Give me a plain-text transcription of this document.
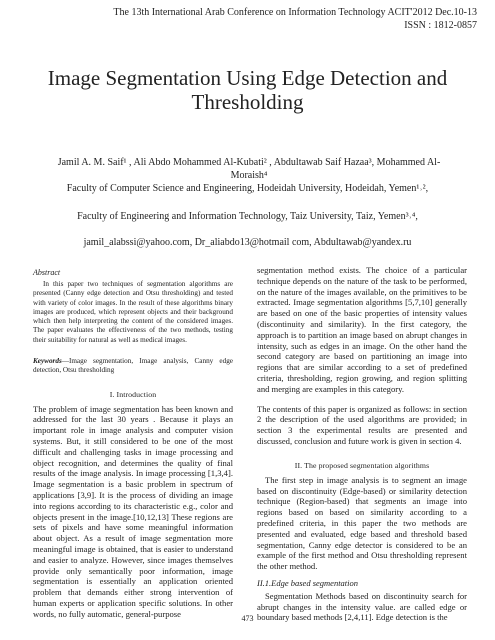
The 13th International Arab Conference on Information Technology ACIT'2012 Dec.10-13
ISSN : 1812-0857
Image Segmentation Using Edge Detection and
Thresholding
Jamil A. M. Saif¹ , Ali Abdo Mohammed Al-Kubati² , Abdultawab Saif Hazaa³, Mohammed Al-Moraish⁴
Faculty of Computer Science and Engineering, Hodeidah University, Hodeidah, Yemen¹˒²,
Faculty of Engineering and Information Technology, Taiz University, Taiz, Yemen³˒⁴,
jamil_alabssi@yahoo.com, Dr_aliabdo13@hotmail com, Abdultawab@yandex.ru
Abstract

In this paper two techniques of segmentation algorithms are presented (Canny edge detection and Otsu thresholding) and tested with variety of color images. In the result of these algorithms binary images are produced, which represent objects and their background which then help interpreting the content of the considered images. The paper evaluates the effectiveness of the two methods, testing their suitability for natural as well as medical images.

Keywords—Image segmentation, Image analysis, Canny edge detection, Otsu thresholding

I. Introduction

The problem of image segmentation has been known and addressed for the last 30 years . Because it plays an important role in image analysis and computer vision systems. But, it still considered to be one of the most difficult and challenging tasks in image processing and object recognition, and determines the quality of final results of the image analysis. In image processing [1,3,4]. Image segmentation is a basic problem in spectrum of applications [3,9]. It is the process of dividing an image into regions according to its characteristic e.g., color and objects present in the image.[10,12,13] These regions are sets of pixels and have some meaningful information about object. As a result of image segmentation more meaningful image is obtained, that is easier to understand and easier to analyze. However, since images themselves provide only semantically poor information, image segmentation is essentially an application oriented problem that demands either strong intervention of human experts or application specific solutions. In other words, no fully automatic, general-purpose

segmentation method exists. The choice of a particular technique depends on the nature of the task to be performed, on the nature of the images available, on the primitives to be extracted. Image segmentation algorithms [5,7,10] generally are based on one of the basic properties of intensity values (discontinuity and similarity). In the first category, the approach is to partition an image based on abrupt changes in intensity, such as edges in an image. On the other hand the second category are based on partitioning an image into regions that are similar according to a set of predefined criteria, thresholding, region growing, and region splitting and merging are examples in this category.

The contents of this paper is organized as follows: in section 2 the description of the used algorithms are provided; in section 3 the experimental results are presented and discussed, conclusion and future work is given in section 4.

II. The proposed segmentation algorithms

The first step in image analysis is to segment an image based on discontinuity (Edge-based) or similarity detection technique (Region-based) that segments an image into regions based on based on similarity according to a predefined criteria, in this paper the two methods are presented and evaluated, edge based and threshold based segmentation, Canny edge detector is considered to be an example of the first method and Otsu thresholding represent the other method.

II.1.Edge based segmentation

Segmentation Methods based on discontinuity search for abrupt changes in the intensity value. are called edge or boundary based methods [2,4,11]. Edge detection is the

473
